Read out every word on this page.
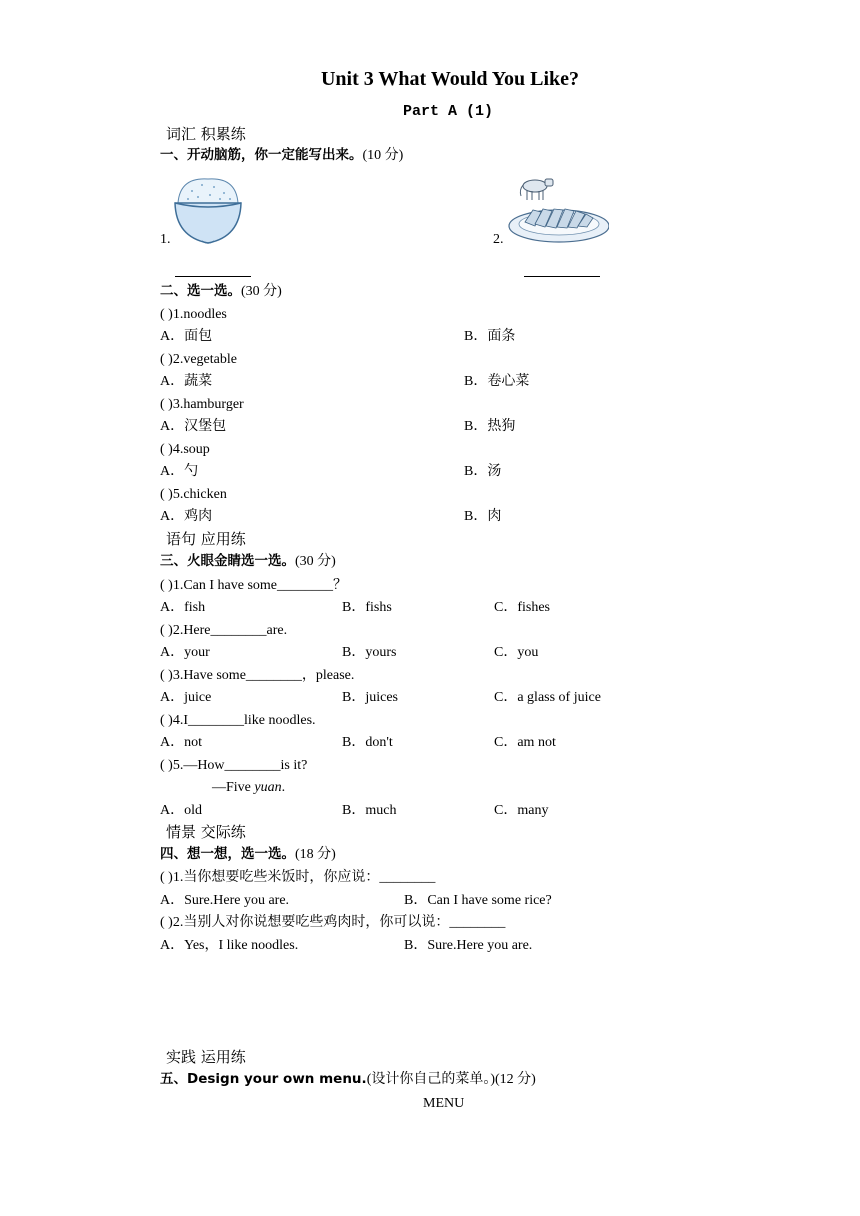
Unit 3 What Would You Like?
Part A (1)
词汇 积累练
一、开动脑筋，你一定能写出来。(10 分)
1.	2.
二、选一选。(30 分)
( )1.noodles
A．面包	B．面条
( )2.vegetable
A．蔬菜	B．卷心菜
( )3.hamburger
A．汉堡包	B．热狗
( )4.soup
A．勺	B．汤
( )5.chicken
A．鸡肉	B．肉
语句 应用练
三、火眼金睛选一选。(30 分)
( )1.Can I have some________？
A．fish	B．fishs	C．fishes
( )2.Here________are.
A．your	B．yours	C．you
( )3.Have some________，please.
A．juice	B．juices	C．a glass of juice
( )4.I________like noodles.
A．not	B．don't	C．am not
( )5.—How________is it?
—Five yuan.
A．old	B．much	C．many
情景 交际练
四、想一想，选一选。(18 分)
( )1.当你想要吃些米饭时，你应说：________
A．Sure.Here you are.	B．Can I have some rice?
( )2.当别人对你说想要吃些鸡肉时，你可以说：________
A．Yes，I like noodles.	B．Sure.Here you are.
实践 运用练
五、Design your own menu.(设计你自己的菜单。)(12 分)
MENU
